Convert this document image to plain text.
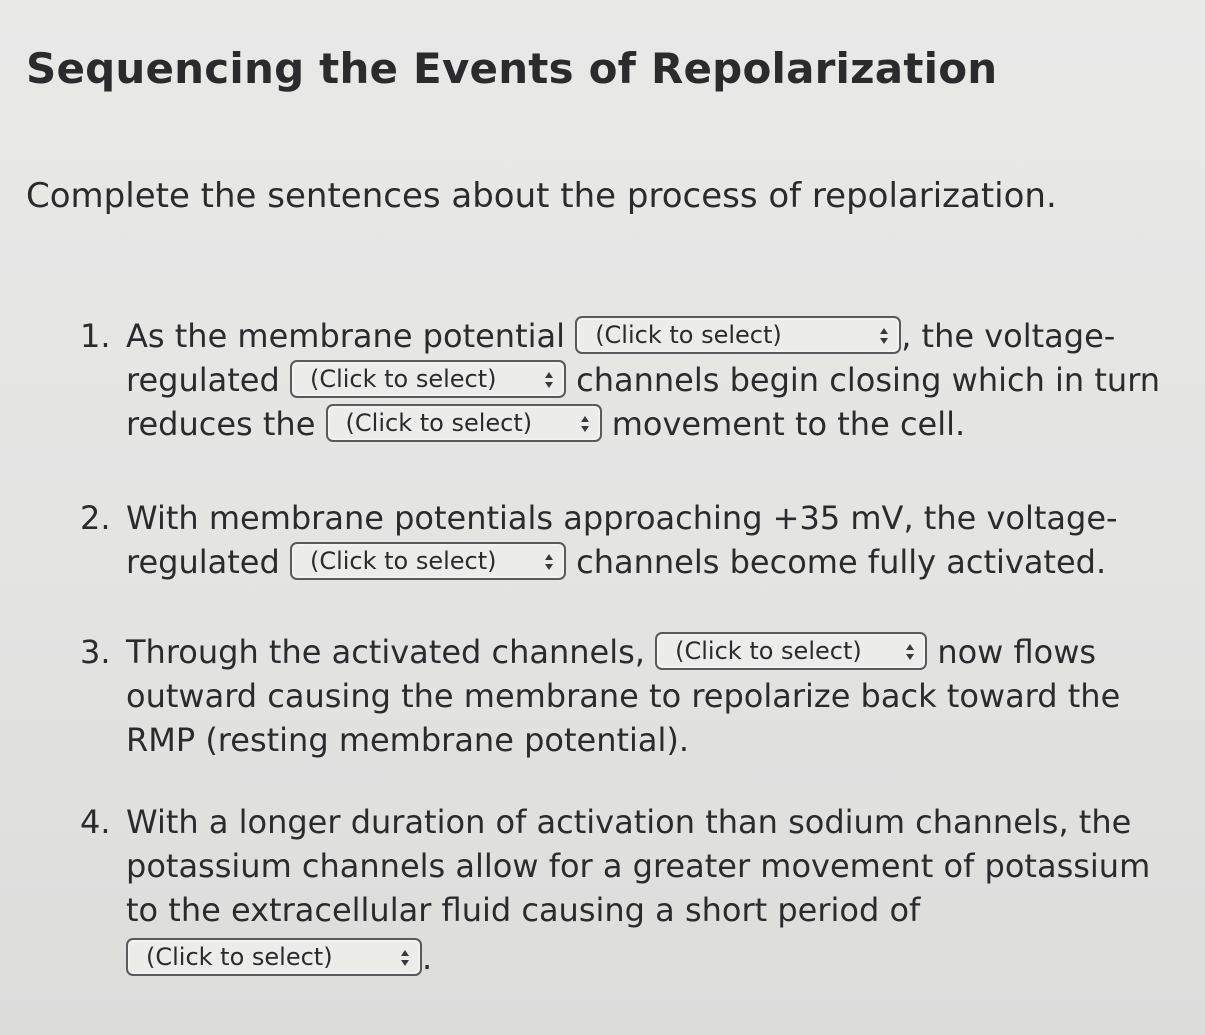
Sequencing the Events of Repolarization

Complete the sentences about the process of repolarization.

1. As the membrane potential (Click to select)	, the voltage-
regulated (Click to select) channels begin closing which in turn
reduces the (Click to select) movement to the cell.
2. With membrane potentials approaching +35 mV, the voltage-
regulated (Click to select) channels become fully activated.
3. Through the activated channels, (Click to select) now flows
outward causing the membrane to repolarize back toward the
RMP (resting membrane potential).
4. With a longer duration of activation than sodium channels, the
potassium channels allow for a greater movement of potassium
to the extracellular fluid causing a short period of
(Click to select)	.
